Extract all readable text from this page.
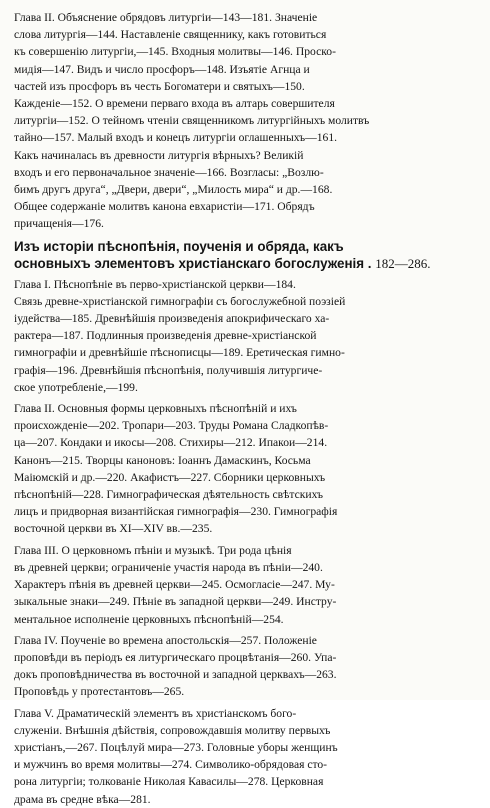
Глава II. Объяснение обрядовъ литургiи—143—181. Значенiе
слова литургiя—144. Наставленiе священнику, какъ готовиться
къ совершенiю литургiи,—145. Входныя молитвы—146. Проско-
мидiя—147. Видъ и число просфоръ—148. Изъятiе Агнца и
частей изъ просфоръ въ честь Богоматери и святыхъ—150.
Кажденiе—152. О времени перваго входа въ алтарь совершителя
литургiи—152. О тейномъ чтенiи священникомъ литургiйныхъ молитвъ
тайно—157. Малый входъ и конецъ литургiи оглашенныхъ—161.
Какъ начиналась въ древности литургiя вѣрныхъ? Великiй
входъ и его первоначальное значенiе—166. Возгласы: „Возлю-
бимъ другъ друга“, „Двери, двери“, „Милость мира“ и др.—168.
Общее содержанiе молитвъ канона евхаристiи—171. Обрядъ
причащенiя—176.
Изъ исторiи пѣснопѣнiя, поученiя и обряда, какъ
основныхъ элементовъ христiанскаго богослуженiя . 182—286.
Глава I. Пѣснопѣнiе въ перво-христiанской церкви—184.
Связь древне-христiанской гимнографiи съ богослужебной поэзiей
iудейства—185. Древнѣйшiя произведенiя апокрифическаго ха-
рактера—187. Подлинныя произведенiя древне-христiанской
гимнографiи и древнѣйшiе пѣснописцы—189. Еретическая гимно-
графiя—196. Древнѣйшiя пѣснопѣнiя, получившiя литургиче-
ское употребленiе,—199.
Глава II. Основныя формы церковныхъ пѣснопѣнiй и ихъ
происхожденiе—202. Тропари—203. Труды Романа Сладкопѣв-
ца—207. Кондаки и икосы—208. Стихиры—212. Ипакои—214.
Канонъ—215. Творцы каноновъ: Iоаннъ Дамаскинъ, Косьма
Маiюмскiй и др.—220. Акафистъ—227. Сборники церковныхъ
пѣснопѣнiй—228. Гимнографическая дѣятельность свѣтскихъ
лицъ и придворная византiйская гимнографiя—230. Гимнографiя
восточной церкви въ XI—XIV вв.—235.
Глава III. О церковномъ пѣнiи и музыкѣ. Три рода цѣнiя
въ древней церкви; ограниченiе участiя народа въ пѣнiи—240.
Характеръ пѣнiя въ древней церкви—245. Осмогласiе—247. Му-
зыкальные знаки—249. Пѣнiе въ западной церкви—249. Инстру-
ментальное исполненiе церковныхъ пѣснопѣнiй—254.
Глава IV. Поученiе во времена апостольскiя—257. Положенiе
проповѣди въ перiодъ ея литургическаго процвѣтанiя—260. Упа-
докъ проповѣдничества въ восточной и западной церквахъ—263.
Проповѣдь у протестантовъ—265.
Глава V. Драматическiй элементъ въ христiанскомъ бого-
служенiи. Внѣшнiя дѣйствiя, сопровождавшiя молитву первыхъ
христiанъ,—267. Поцѣлуй мира—273. Головные уборы женщинъ
и мужчинъ во время молитвы—274. Символико-обрядовая сто-
рона литургiи; толкованiе Николая Кавасилы—278. Церковная
драма въ средне вѣка—281.
